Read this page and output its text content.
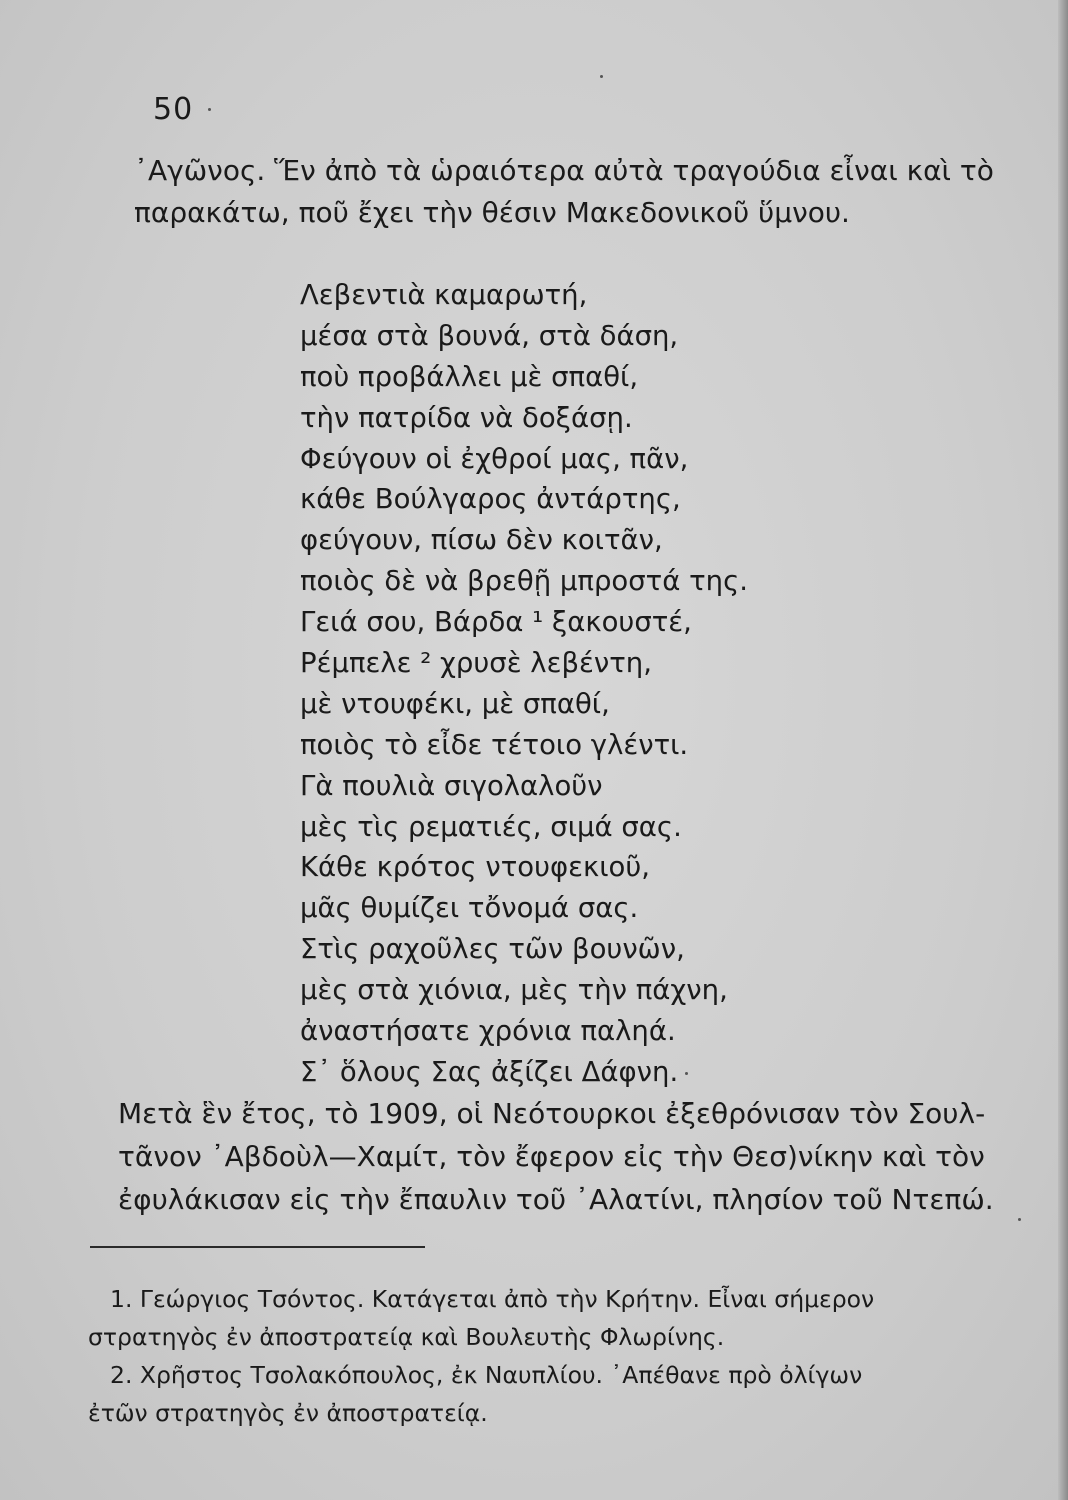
50
᾿Αγῶνος. Ἕν ἀπὸ τὰ ὡραιότερα αὐτὰ τραγούδια εἶναι καὶ τὸ
παρακάτω, ποῦ ἔχει τὴν θέσιν Μακεδονικοῦ ὕμνου.
Λεβεντιὰ καμαρωτή,
μέσα στὰ βουνά, στὰ δάση,
ποὺ προβάλλει μὲ σπαθί,
τὴν πατρίδα νὰ δοξάσῃ.
Φεύγουν οἱ ἐχθροί μας, πᾶν,
κάθε Βούλγαρος ἀντάρτης,
φεύγουν, πίσω δὲν κοιτᾶν,
ποιὸς δὲ νὰ βρεθῇ μπροστά της.
Γειά σου, Βάρδα ¹ ξακουστέ,
Ρέμπελε ² χρυσὲ λεβέντη,
μὲ ντουφέκι, μὲ σπαθί,
ποιὸς τὸ εἶδε τέτοιο γλέντι.
Γὰ πουλιὰ σιγολαλοῦν
μὲς τὶς ρεματιές, σιμά σας.
Κάθε κρότος ντουφεκιοῦ,
μᾶς θυμίζει τὄνομά σας.
Στὶς ραχοῦλες τῶν βουνῶν,
μὲς στὰ χιόνια, μὲς τὴν πάχνη,
ἀναστήσατε χρόνια παληά.
Σ᾿ ὅλους Σας ἀξίζει Δάφνη.
Μετὰ ἓν ἔτος, τὸ 1909, οἱ Νεότουρκοι ἐξεθρόνισαν τὸν Σουλ-
τᾶνον ᾿Αβδοὺλ—Χαμίτ, τὸν ἔφερον εἰς τὴν Θεσ)νίκην καὶ τὸν
ἐφυλάκισαν εἰς τὴν ἔπαυλιν τοῦ ᾿Αλατίνι, πλησίον τοῦ Ντεπώ.
1. Γεώργιος Τσόντος. Κατάγεται ἀπὸ τὴν Κρήτην. Εἶναι σήμερον
στρατηγὸς ἐν ἀποστρατείᾳ καὶ Βουλευτὴς Φλωρίνης.
2. Χρῆστος Τσολακόπουλος, ἐκ Ναυπλίου. ᾿Απέθανε πρὸ ὀλίγων
ἐτῶν στρατηγὸς ἐν ἀποστρατείᾳ.
